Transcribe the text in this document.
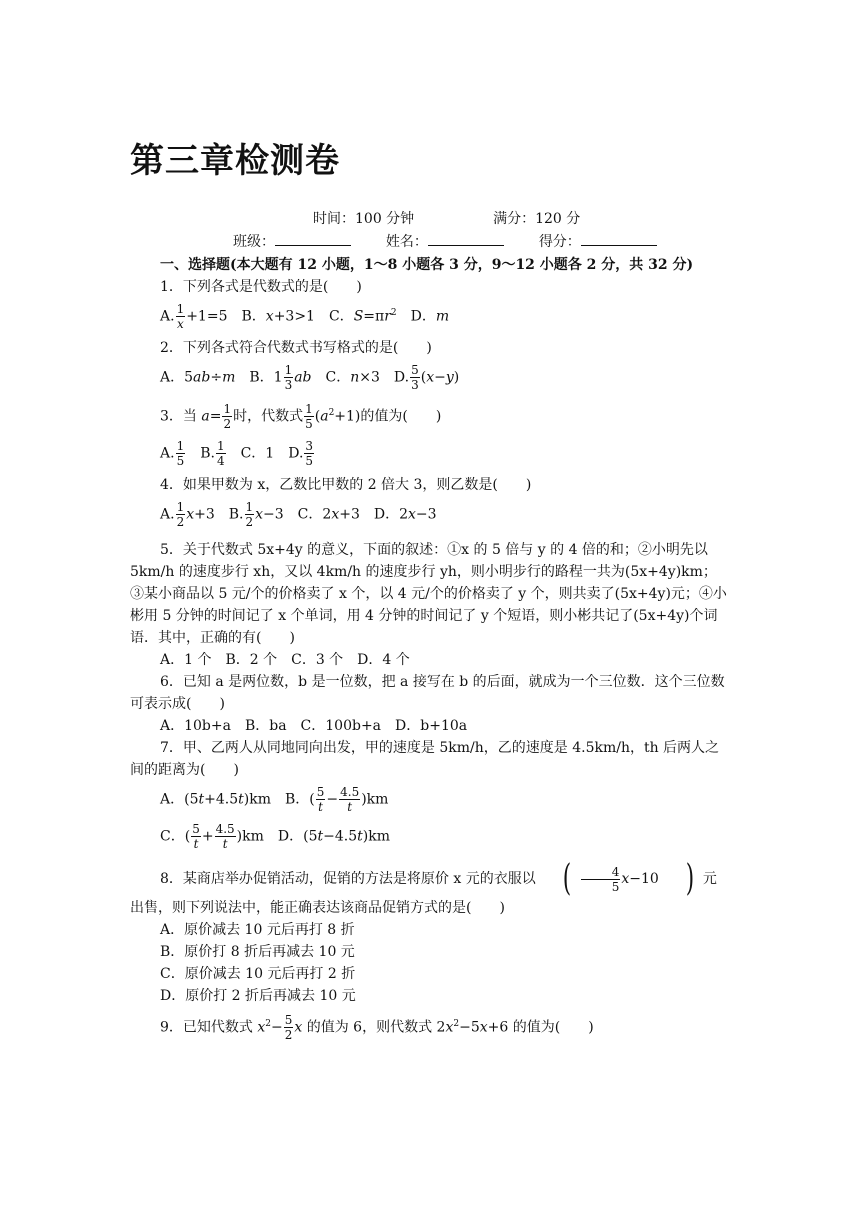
第三章检测卷
时间：100 分钟	满分：120 分
班级：	姓名：	得分：
一、选择题(本大题有 12 小题，1～8 小题各 3 分，9～12 小题各 2 分，共 32 分)
1．下列各式是代数式的是(　　)
A. $\frac{1}{x} +1=5$　B．x+3>1　C．$S=\pi r^2$　D．m
2．下列各式符合代数式书写格式的是(　　)
A．5ab÷m　B．$1 \frac{1}{3}$ ab　C．n×3　D. $\frac{5}{3} (x-y)$
3．当 $a= \frac{1}{2}$ 时，代数式 $\frac{1}{5} (a^2+1)$的值为(　　)
A. $\frac{1}{5}$ 　B. $\frac{1}{4}$ 　C．1　D. $\frac{3}{5}$
4．如果甲数为 x，乙数比甲数的 2 倍大 3，则乙数是(　　)
A. $\frac{1}{2} x+3$　B. $\frac{1}{2} x-3$　C．2x+3　D．2x−3
5．关于代数式 5x+4y 的意义，下面的叙述：①x 的 5 倍与 y 的 4 倍的和；②小明先以 5km/h 的速度步行 xh，又以 4km/h 的速度步行 yh，则小明步行的路程一共为(5x+4y)km；③某小商品以 5 元/个的价格卖了 x 个，以 4 元/个的价格卖了 y 个，则共卖了(5x+4y)元；④小彬用 5 分钟的时间记了 x 个单词，用 4 分钟的时间记了 y 个短语，则小彬共记了(5x+4y)个词语．其中，正确的有(　　)
A．1 个　B．2 个　C．3 个　D．4 个
6．已知 a 是两位数，b 是一位数，把 a 接写在 b 的后面，就成为一个三位数．这个三位数可表示成(　　)
A．10b+a　B．ba　C．100b+a　D．b+10a
7．甲、乙两人从同地同向出发，甲的速度是 5km/h，乙的速度是 4.5km/h，th 后两人之间的距离为(　　)
A．(5t+4.5t)km　B．( $\frac{5}{t} - \frac{4.5}{t} )km$
C．( $\frac{5}{t} + \frac{4.5}{t} )km$　D．(5t−4.5t)km
8．某商店举办促销活动，促销的方法是将原价 x 元的衣服以 ( $\frac{4}{5} x-10$ ) 元出售，则下列说法中，能正确表达该商品促销方式的是(　　)
A．原价减去 10 元后再打 8 折
B．原价打 8 折后再减去 10 元
C．原价减去 10 元后再打 2 折
D．原价打 2 折后再减去 10 元
9．已知代数式 $x^2- \frac{5}{2}$ x 的值为 6，则代数式 $2x^2-5x+6$ 的值为(　　)
